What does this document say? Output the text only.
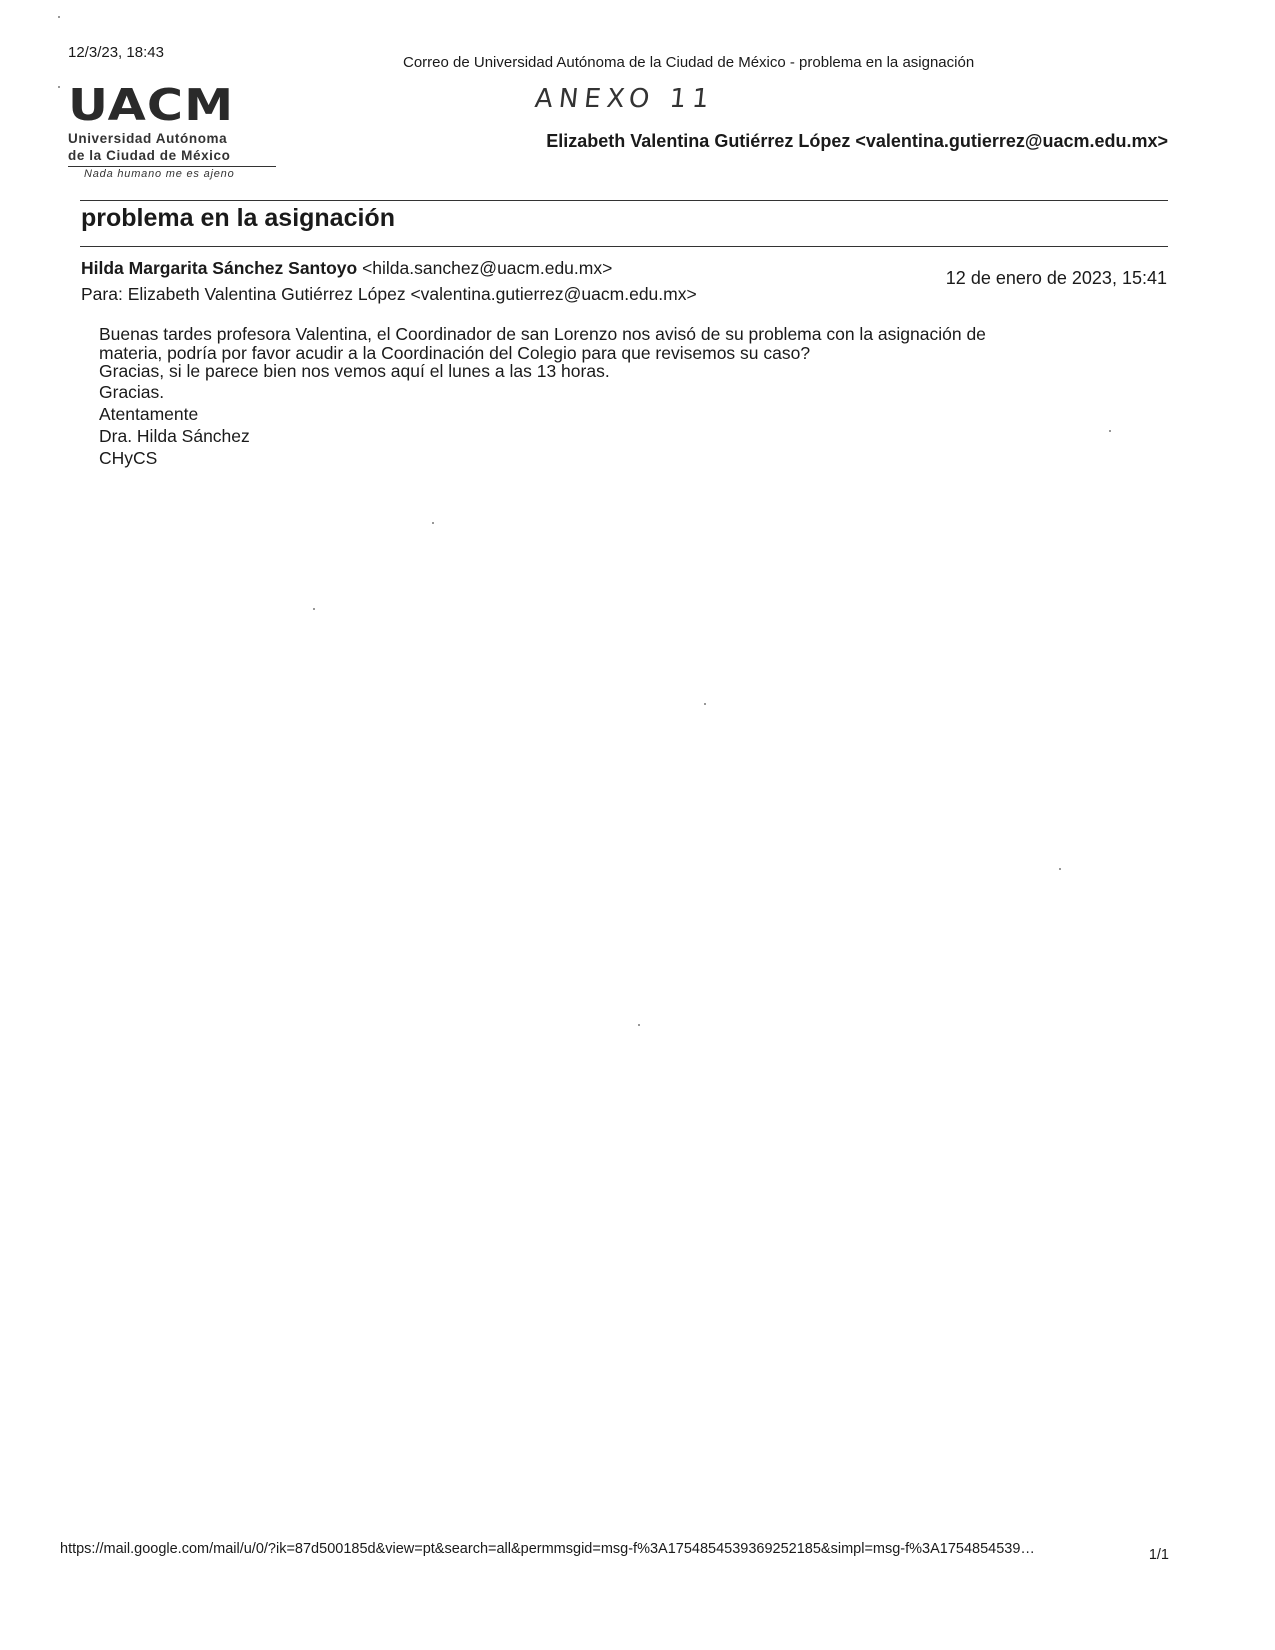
12/3/23, 18:43
Correo de Universidad Autónoma de la Ciudad de México - problema en la asignación
ANEXO 11
UACM
Universidad Autónoma
de la Ciudad de México
Nada humano me es ajeno
Elizabeth Valentina Gutiérrez López <valentina.gutierrez@uacm.edu.mx>
problema en la asignación
Hilda Margarita Sánchez Santoyo <hilda.sanchez@uacm.edu.mx>
Para: Elizabeth Valentina Gutiérrez López <valentina.gutierrez@uacm.edu.mx>
12 de enero de 2023, 15:41

Buenas tardes profesora Valentina, el Coordinador de san Lorenzo nos avisó de su problema con la asignación de

materia, podría por favor acudir a la Coordinación del Colegio para que revisemos su caso?

Gracias, si le parece bien nos vemos aquí el lunes a las 13 horas.

Gracias.

Atentamente

Dra. Hilda Sánchez

CHyCS

https://mail.google.com/mail/u/0/?ik=87d500185d&view=pt&search=all&permmsgid=msg-f%3A1754854539369252185&simpl=msg-f%3A1754854539…	1/1
